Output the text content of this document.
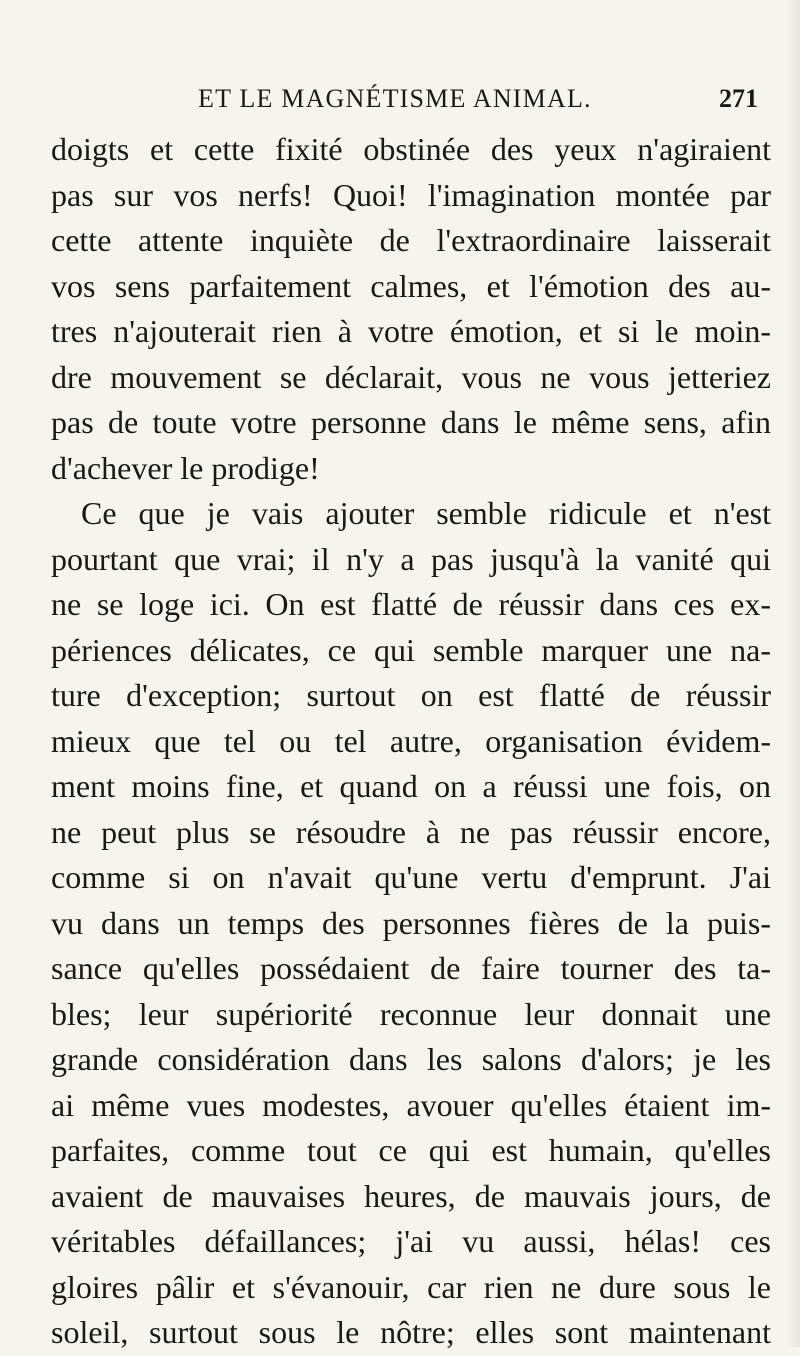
ET LE MAGNÉTISME ANIMAL.	271
doigts et cette fixité obstinée des yeux n'agiraient
pas sur vos nerfs! Quoi! l'imagination montée par
cette attente inquiète de l'extraordinaire laisserait
vos sens parfaitement calmes, et l'émotion des au-
tres n'ajouterait rien à votre émotion, et si le moin-
dre mouvement se déclarait, vous ne vous jetteriez
pas de toute votre personne dans le même sens, afin
d'achever le prodige!
Ce que je vais ajouter semble ridicule et n'est
pourtant que vrai; il n'y a pas jusqu'à la vanité qui
ne se loge ici. On est flatté de réussir dans ces ex-
périences délicates, ce qui semble marquer une na-
ture d'exception; surtout on est flatté de réussir
mieux que tel ou tel autre, organisation évidem-
ment moins fine, et quand on a réussi une fois, on
ne peut plus se résoudre à ne pas réussir encore,
comme si on n'avait qu'une vertu d'emprunt. J'ai
vu dans un temps des personnes fières de la puis-
sance qu'elles possédaient de faire tourner des ta-
bles; leur supériorité reconnue leur donnait une
grande considération dans les salons d'alors; je les
ai même vues modestes, avouer qu'elles étaient im-
parfaites, comme tout ce qui est humain, qu'elles
avaient de mauvaises heures, de mauvais jours, de
véritables défaillances; j'ai vu aussi, hélas! ces
gloires pâlir et s'évanouir, car rien ne dure sous le
soleil, surtout sous le nôtre; elles sont maintenant
